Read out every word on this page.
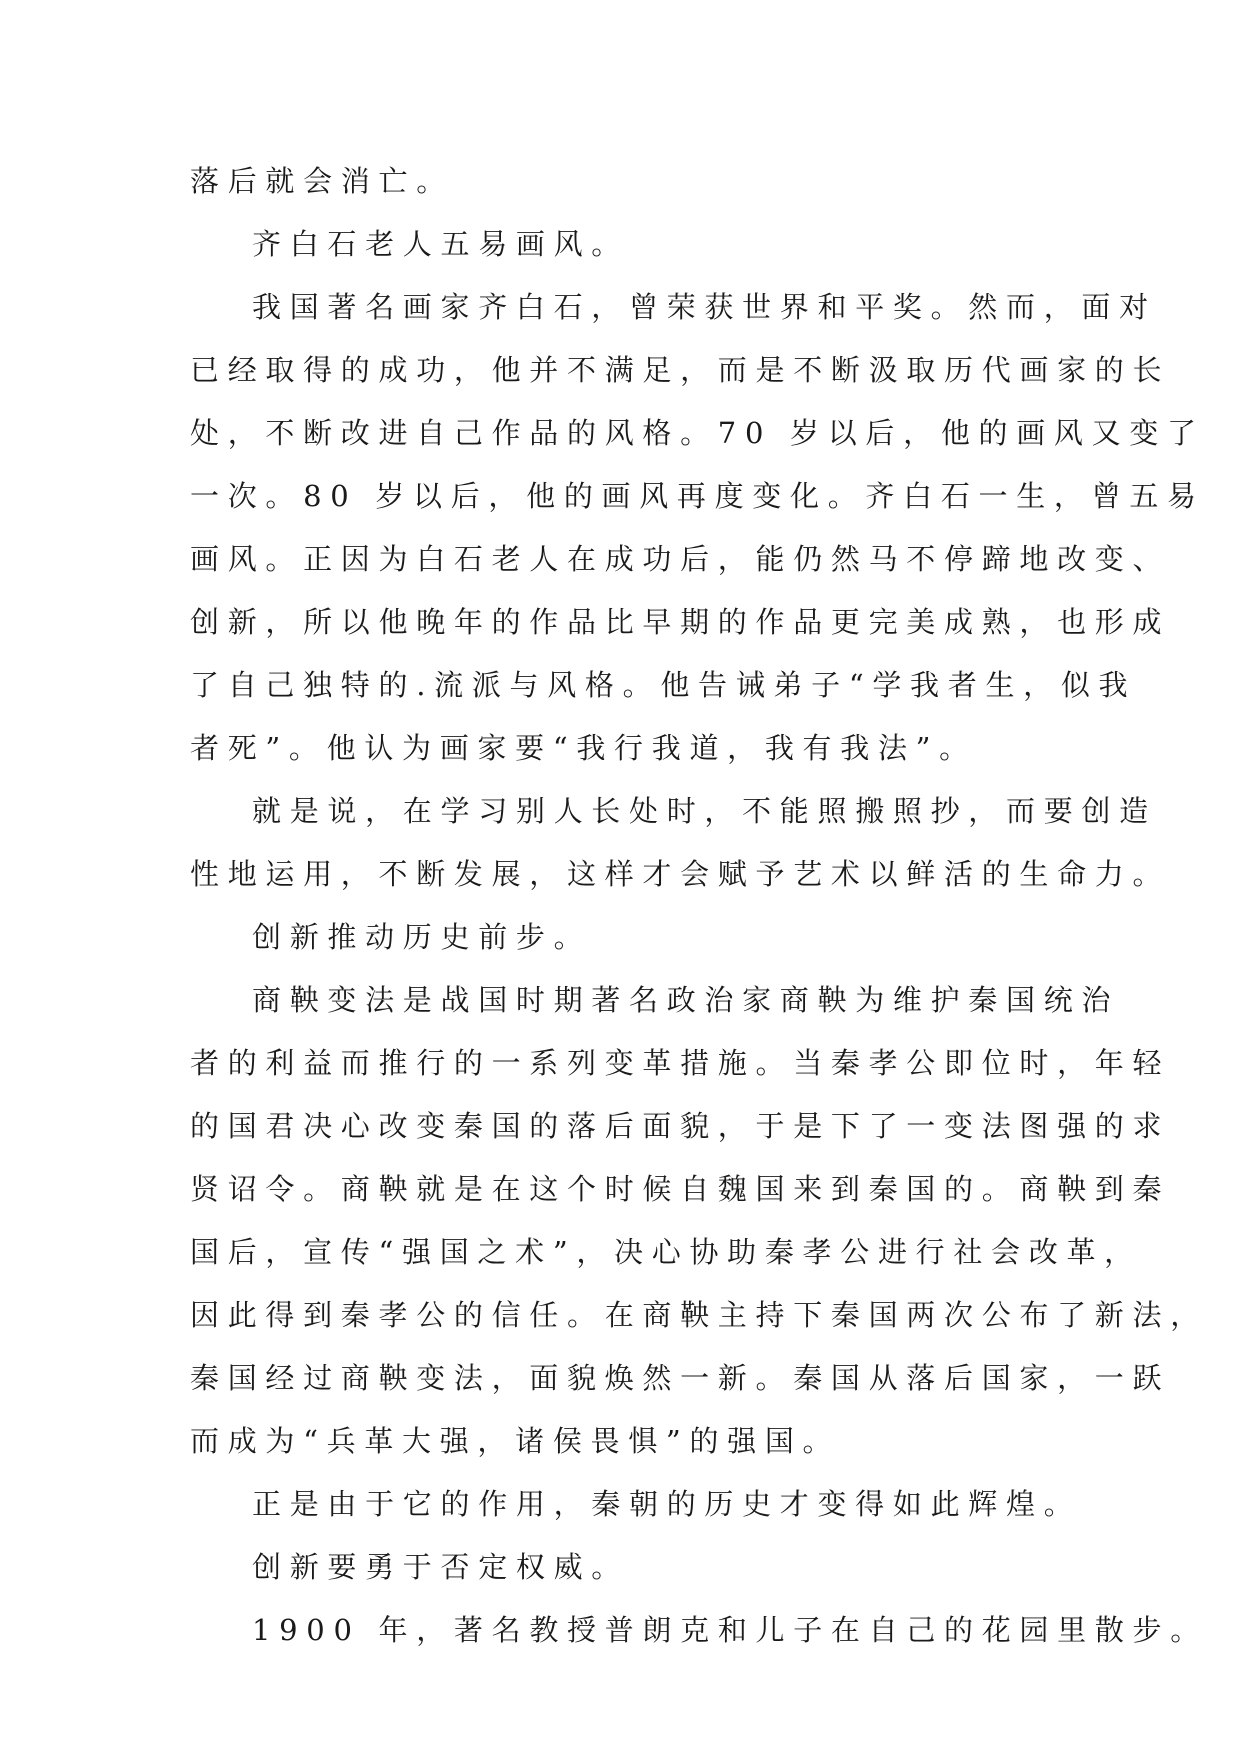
落后就会消亡。
齐白石老人五易画风。
我国著名画家齐白石，曾荣获世界和平奖。然而，面对
已经取得的成功，他并不满足，而是不断汲取历代画家的长
处，不断改进自己作品的风格。70 岁以后，他的画风又变了
一次。80 岁以后，他的画风再度变化。齐白石一生，曾五易
画风。正因为白石老人在成功后，能仍然马不停蹄地改变、
创新，所以他晚年的作品比早期的作品更完美成熟，也形成
了自己独特的.流派与风格。他告诫弟子“学我者生，似我
者死”。他认为画家要“我行我道，我有我法”。
就是说，在学习别人长处时，不能照搬照抄，而要创造
性地运用，不断发展，这样才会赋予艺术以鲜活的生命力。
创新推动历史前步。
商鞅变法是战国时期著名政治家商鞅为维护秦国统治
者的利益而推行的一系列变革措施。当秦孝公即位时，年轻
的国君决心改变秦国的落后面貌，于是下了一变法图强的求
贤诏令。商鞅就是在这个时候自魏国来到秦国的。商鞅到秦
国后，宣传“强国之术”，决心协助秦孝公进行社会改革，
因此得到秦孝公的信任。在商鞅主持下秦国两次公布了新法，
秦国经过商鞅变法，面貌焕然一新。秦国从落后国家，一跃
而成为“兵革大强，诸侯畏惧”的强国。
正是由于它的作用，秦朝的历史才变得如此辉煌。
创新要勇于否定权威。
1900 年，著名教授普朗克和儿子在自己的花园里散步。
